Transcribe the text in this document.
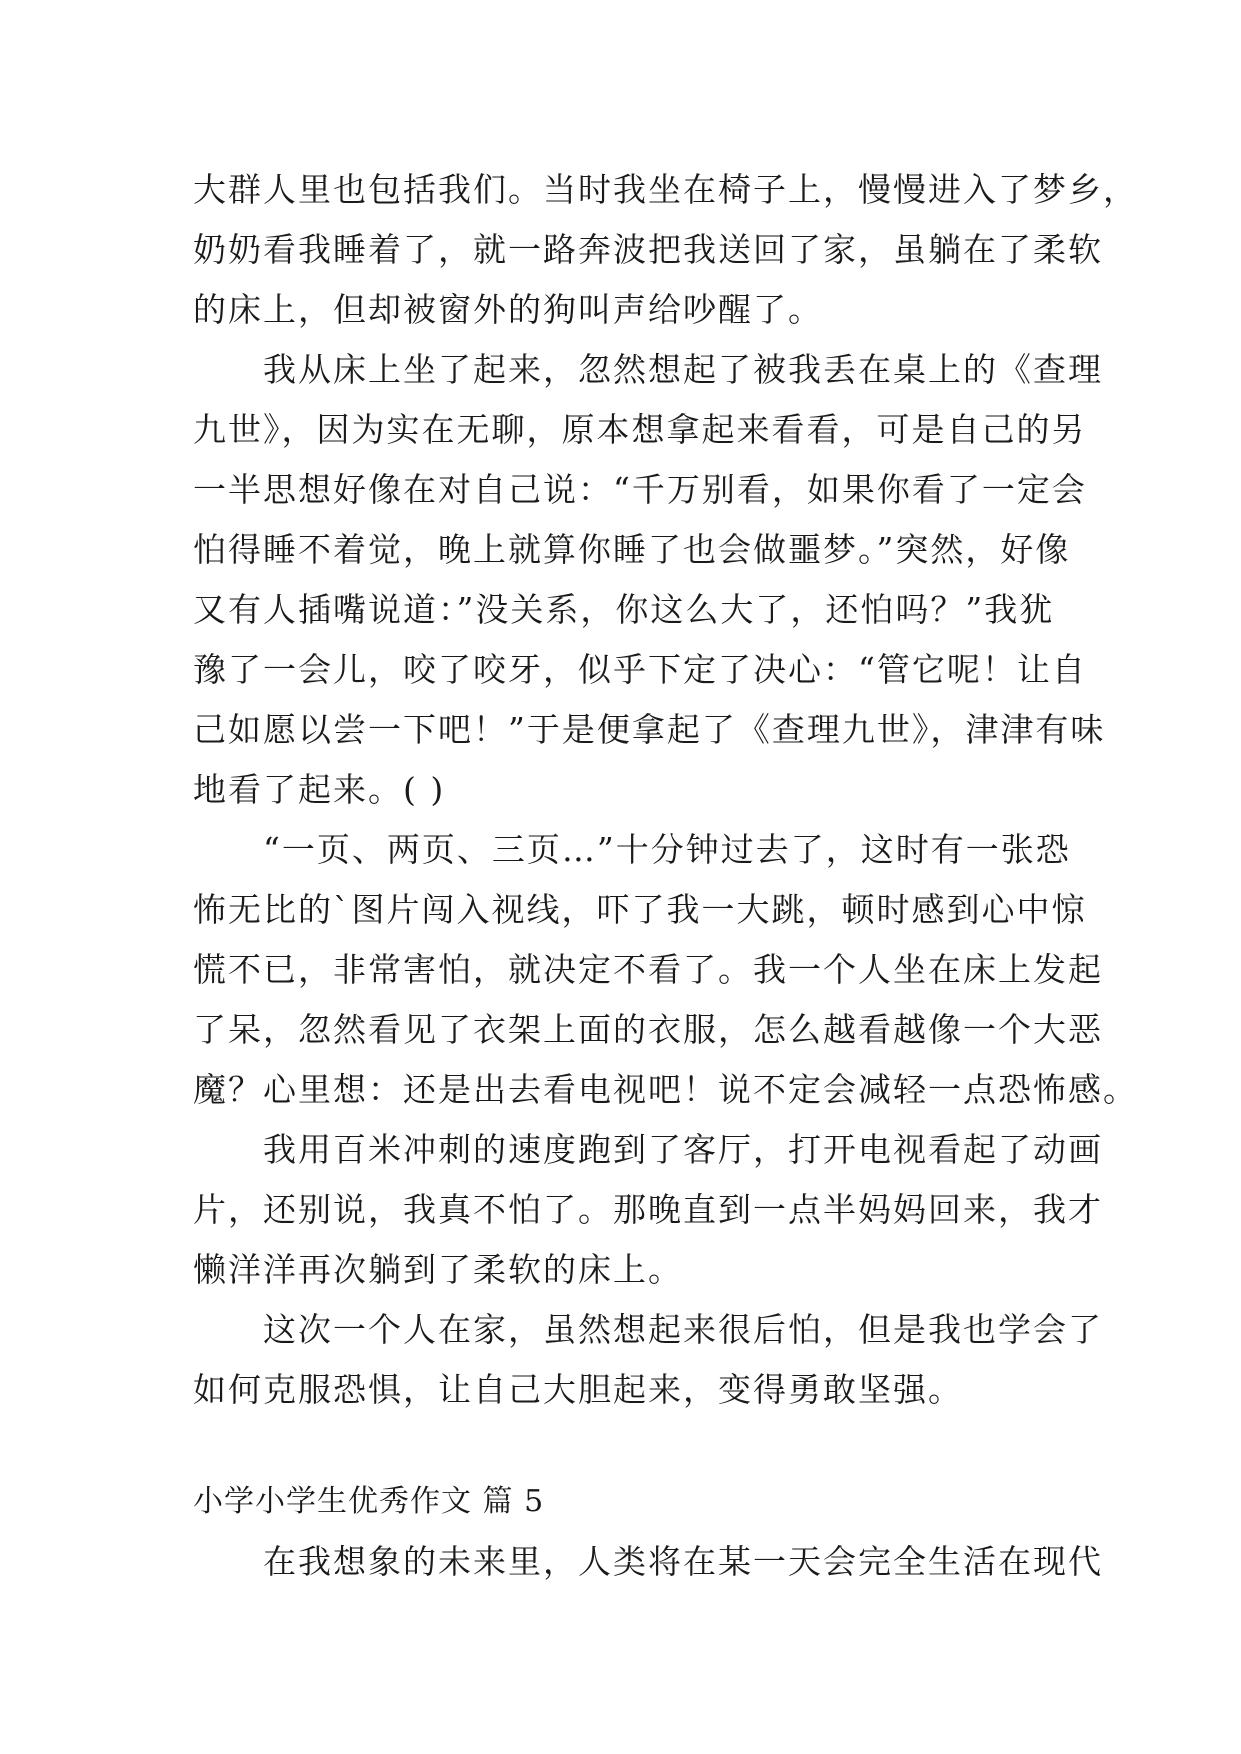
大群人里也包括我们。当时我坐在椅子上，慢慢进入了梦乡，
奶奶看我睡着了，就一路奔波把我送回了家，虽躺在了柔软
的床上，但却被窗外的狗叫声给吵醒了。
　　我从床上坐了起来，忽然想起了被我丢在桌上的《查理
九世》，因为实在无聊，原本想拿起来看看，可是自己的另
一半思想好像在对自己说：“千万别看，如果你看了一定会
怕得睡不着觉，晚上就算你睡了也会做噩梦。”突然，好像
又有人插嘴说道：”没关系，你这么大了，还怕吗？”我犹
豫了一会儿，咬了咬牙，似乎下定了决心：“管它呢！让自
己如愿以尝一下吧！”于是便拿起了《查理九世》，津津有味
地看了起来。( )
　　“一页、两页、三页…”十分钟过去了，这时有一张恐
怖无比的`图片闯入视线，吓了我一大跳，顿时感到心中惊
慌不已，非常害怕，就决定不看了。我一个人坐在床上发起
了呆，忽然看见了衣架上面的衣服，怎么越看越像一个大恶
魔？心里想：还是出去看电视吧！说不定会减轻一点恐怖感。
　　我用百米冲刺的速度跑到了客厅，打开电视看起了动画
片，还别说，我真不怕了。那晚直到一点半妈妈回来，我才
懒洋洋再次躺到了柔软的床上。
　　这次一个人在家，虽然想起来很后怕，但是我也学会了
如何克服恐惧，让自己大胆起来，变得勇敢坚强。
小学小学生优秀作文 篇 5
　　在我想象的未来里，人类将在某一天会完全生活在现代
